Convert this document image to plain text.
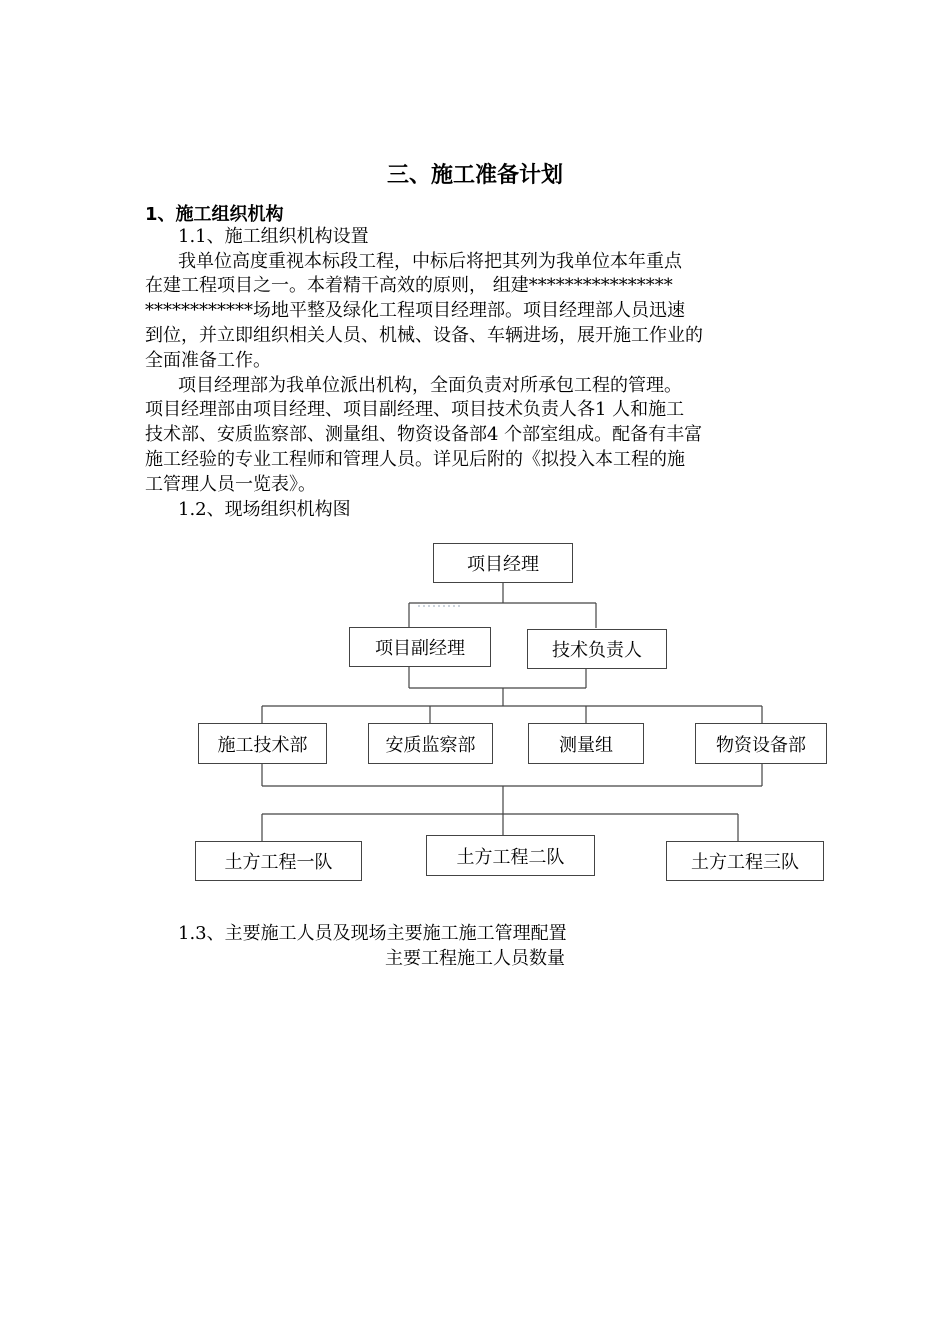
三、施工准备计划
1、施工组织机构
1.1、施工组织机构设置
我单位高度重视本标段工程，中标后将把其列为我单位本年重点
在建工程项目之一。本着精干高效的原则， 组建****************
************场地平整及绿化工程项目经理部。项目经理部人员迅速
到位，并立即组织相关人员、机械、设备、车辆进场，展开施工作业的
全面准备工作。
项目经理部为我单位派出机构，全面负责对所承包工程的管理。
项目经理部由项目经理、项目副经理、项目技术负责人各1 人和施工
技术部、安质监察部、测量组、物资设备部4 个部室组成。配备有丰富
施工经验的专业工程师和管理人员。详见后附的《拟投入本工程的施
工管理人员一览表》。
1.2、现场组织机构图
项目经理
项目副经理	技术负责人
施工技术部	安质监察部	测量组	物资设备部
土方工程一队	土方工程二队	土方工程三队
1.3、主要施工人员及现场主要施工施工管理配置
主要工程施工人员数量
